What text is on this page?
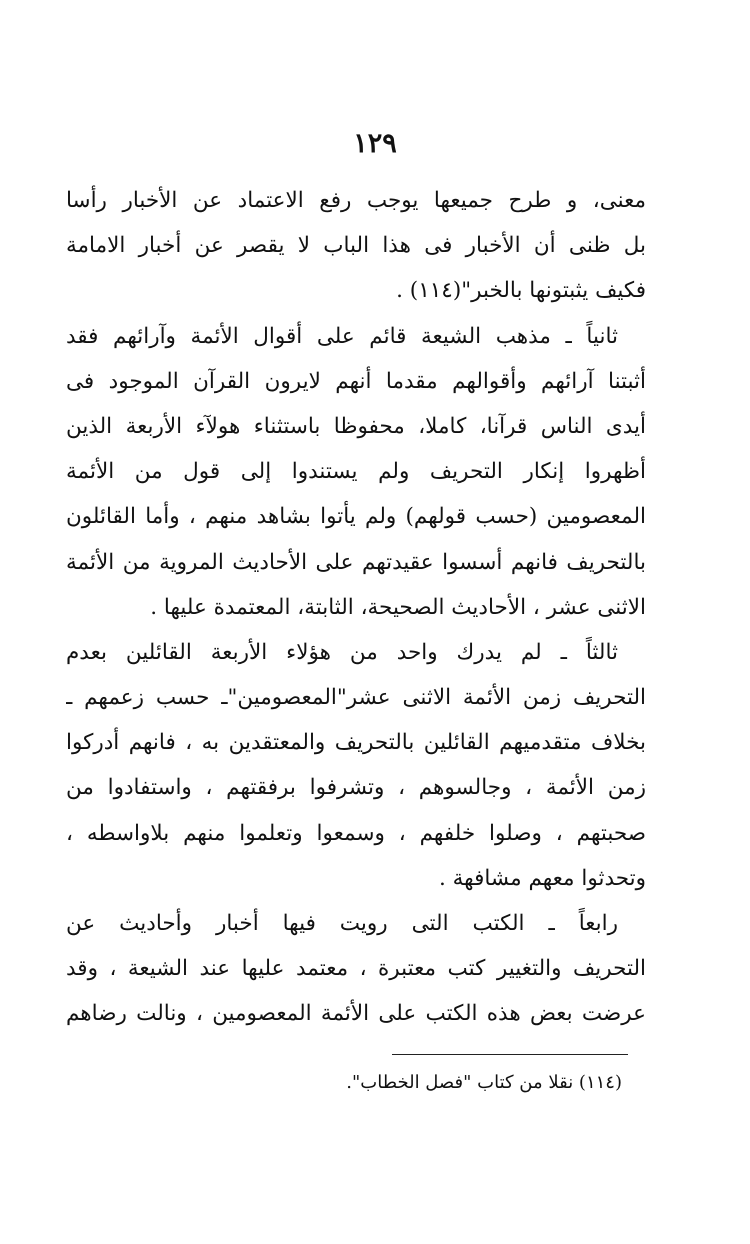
١٢٩
معنى، و طرح جميعها يوجب رفع الاعتماد عن الأخبار رأسا
بل ظنى أن الأخبار فى هذا الباب لا يقصر عن أخبار الامامة
فكيف يثبتونها بالخبر"(١١٤) .
ثانياً ـ مذهب الشيعة قائم على أقوال الأئمة وآرائهم فقد
أثبتنا آرائهم وأقوالهم مقدما أنهم لايرون القرآن الموجود فى
أيدى الناس قرآنا، كاملا، محفوظا باستثناء هولآء الأربعة الذين
أظهروا إنكار التحريف ولم يستندوا إلى قول من الأئمة
المعصومين (حسب قولهم) ولم يأتوا بشاهد منهم ، وأما القائلون
بالتحريف فانهم أسسوا عقيدتهم على الأحاديث المروية من الأئمة
الاثنى عشر ، الأحاديث الصحيحة، الثابتة، المعتمدة عليها .
ثالثاً ـ لم يدرك واحد من هؤلاء الأربعة القائلين بعدم
التحريف زمن الأئمة الاثنى عشر"المعصومين"ـ حسب زعمهم ـ
بخلاف متقدميهم القائلين بالتحريف والمعتقدين به ، فانهم أدركوا
زمن الأئمة ، وجالسوهم ، وتشرفوا برفقتهم ، واستفادوا من
صحبتهم ، وصلوا خلفهم ، وسمعوا وتعلموا منهم بلاواسطه ،
وتحدثوا معهم مشافهة .
رابعاً ـ الكتب التى رويت فيها أخبار وأحاديث عن
التحريف والتغيير كتب معتبرة ، معتمد عليها عند الشيعة ، وقد
عرضت بعض هذه الكتب على الأئمة المعصومين ، ونالت رضاهم
(١١٤) نقلا من كتاب "فصل الخطاب".
